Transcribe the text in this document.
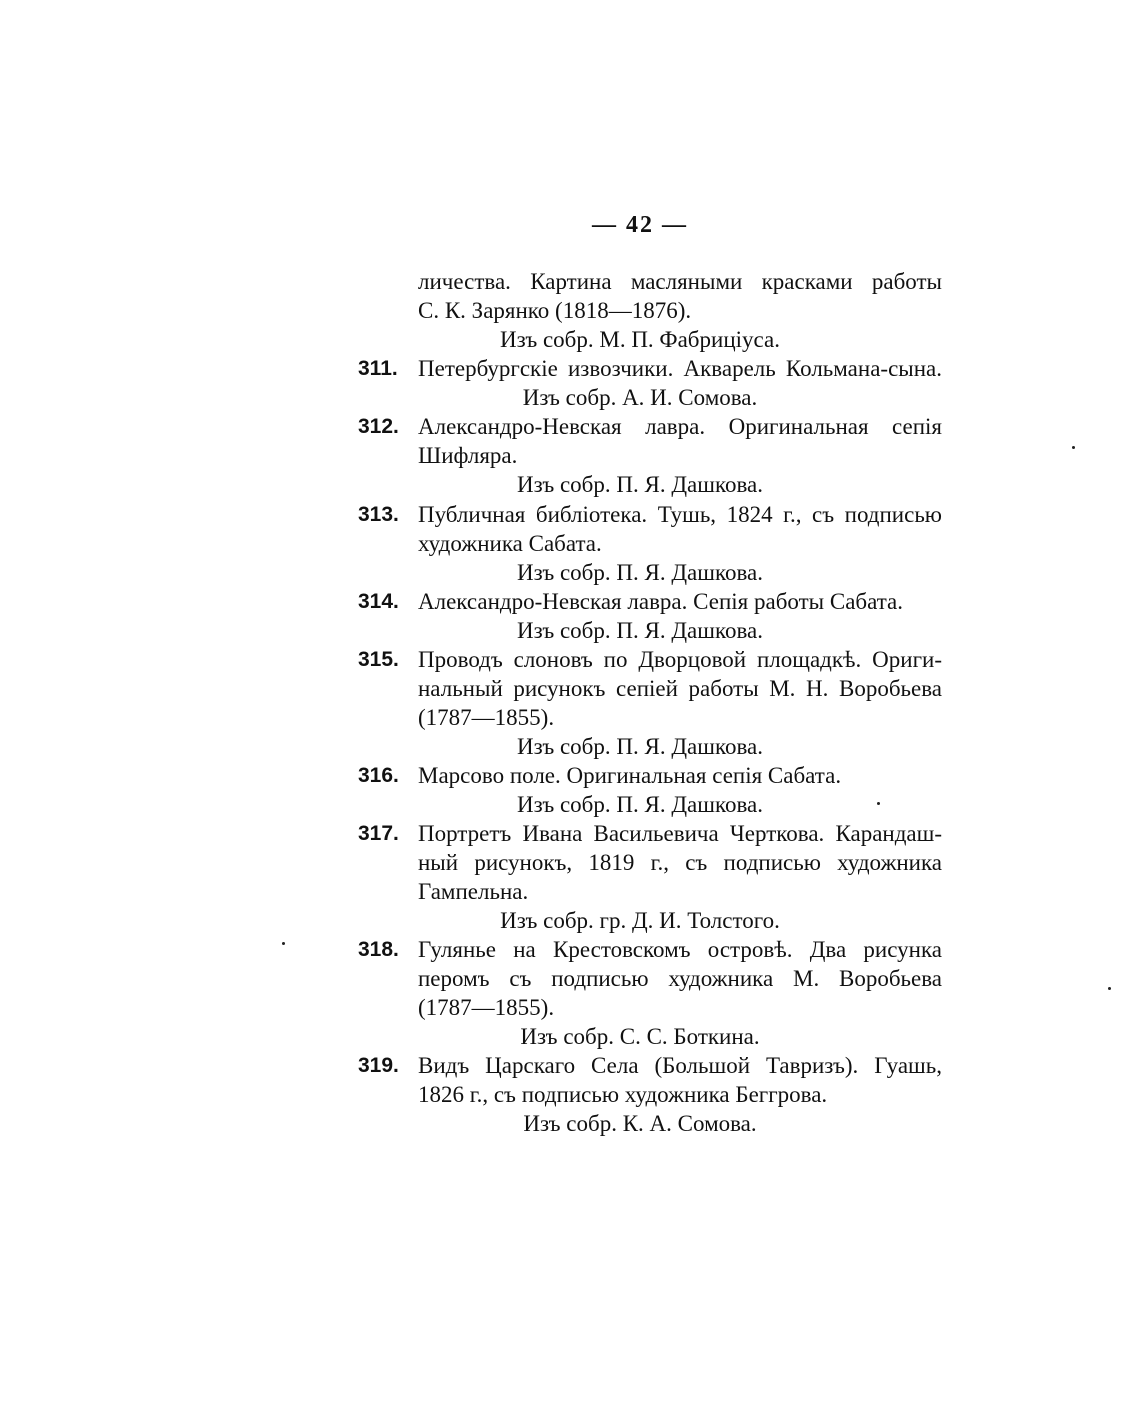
— 42 —
личества. Картина масляными красками работы
С. К. Зарянко (1818—1876).
Изъ собр. М. П. Фабриціуса.
311. Петербургскіе извозчики. Акварель Кольмана-сына.
Изъ собр. А. И. Сомова.
312. Александро-Невская лавра. Оригинальная сепія
Шифляра.
Изъ собр. П. Я. Дашкова.
313. Публичная библіотека. Тушь, 1824 г., съ подписью
художника Сабата.
Изъ собр. П. Я. Дашкова.
314. Александро-Невская лавра. Сепія работы Сабата.
Изъ собр. П. Я. Дашкова.
315. Проводъ слоновъ по Дворцовой площадкѣ. Ориги-
нальный рисунокъ сепіей работы М. Н. Воробьева
(1787—1855).
Изъ собр. П. Я. Дашкова.
316. Марсово поле. Оригинальная сепія Сабата.
Изъ собр. П. Я. Дашкова.
317. Портретъ Ивана Васильевича Черткова. Карандаш-
ный рисунокъ, 1819 г., съ подписью художника
Гампельна.
Изъ собр. гр. Д. И. Толстого.
318. Гулянье на Крестовскомъ островѣ. Два рисунка
перомъ съ подписью художника М. Воробьева
(1787—1855).
Изъ собр. С. С. Боткина.
319. Видъ Царскаго Села (Большой Тавризъ). Гуашь,
1826 г., съ подписью художника Беггрова.
Изъ собр. К. А. Сомова.
